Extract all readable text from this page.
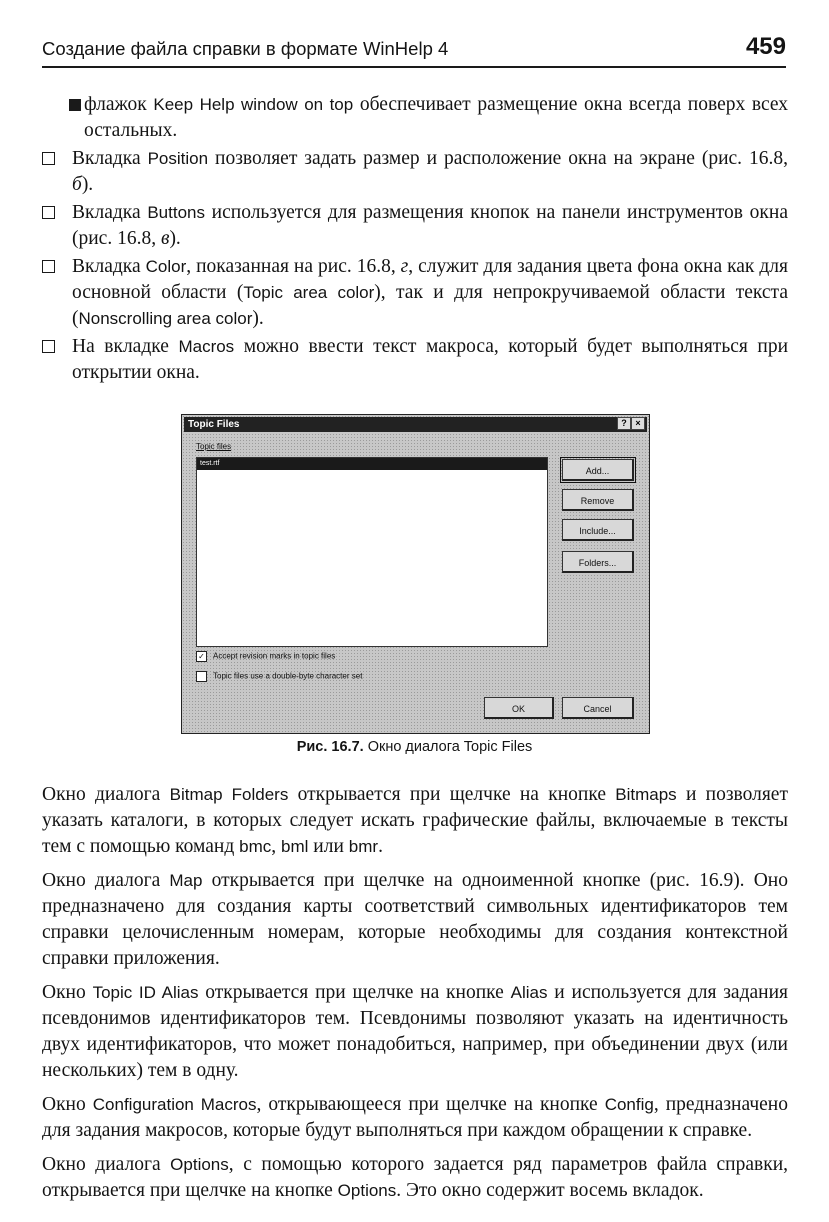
Создание файла справки в формате WinHelp 4	459
флажок Keep Help window on top обеспечивает размещение окна всегда поверх всех остальных.
Вкладка Position позволяет задать размер и расположение окна на экране (рис. 16.8, б).
Вкладка Buttons используется для размещения кнопок на панели инструментов окна (рис. 16.8, в).
Вкладка Color, показанная на рис. 16.8, г, служит для задания цвета фона окна как для основной области (Topic area color), так и для непрокручиваемой области текста (Nonscrolling area color).
На вкладке Macros можно ввести текст макроса, который будет выполняться при открытии окна.
Topic Files	? ×
Topic files
test.rtf
Add...
Remove
Include...
Folders...
✓ Accept revision marks in topic files
Topic files use a double-byte character set
OK	Cancel
Рис. 16.7. Окно диалога Topic Files

Окно диалога Bitmap Folders открывается при щелчке на кнопке Bitmaps и позволяет указать каталоги, в которых следует искать графические файлы, включаемые в тексты тем с помощью команд bmc, bml или bmr.

Окно диалога Map открывается при щелчке на одноименной кнопке (рис. 16.9). Оно предназначено для создания карты соответствий символьных идентификаторов тем справки целочисленным номерам, которые необходимы для создания контекстной справки приложения.

Окно Topic ID Alias открывается при щелчке на кнопке Alias и используется для задания псевдонимов идентификаторов тем. Псевдонимы позволяют указать на идентичность двух идентификаторов, что может понадобиться, например, при объединении двух (или нескольких) тем в одну.

Окно Configuration Macros, открывающееся при щелчке на кнопке Config, предназначено для задания макросов, которые будут выполняться при каждом обращении к справке.

Окно диалога Options, с помощью которого задается ряд параметров файла справки, открывается при щелчке на кнопке Options. Это окно содержит восемь вкладок.
